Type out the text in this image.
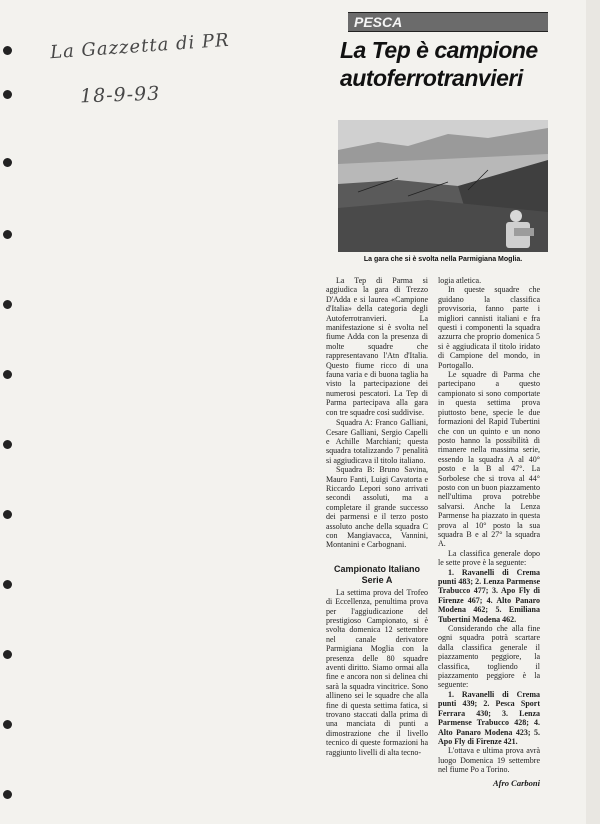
La Gazzetta di PR
18-9-93
PESCA
La Tep è campione
autoferrotranvieri
La gara che si è svolta nella Parmigiana Moglia.

La Tep di Parma si aggiudica la gara di Trezzo D'Adda e si laurea «Campione d'Italia» della categoria degli Autoferrotranvieri. La manifestazione si è svolta nel fiume Adda con la presenza di molte squadre che rappresentavano l'Atn d'Italia. Questo fiume ricco di una fauna varia e di buona taglia ha visto la partecipazione dei numerosi pescatori. La Tep di Parma partecipava alla gara con tre squadre così suddivise.

Squadra A: Franco Galliani, Cesare Galliani, Sergio Capelli e Achille Marchiani; questa squadra totalizzando 7 penalità si aggiudicava il titolo italiano.

Squadra B: Bruno Savina, Mauro Fanti, Luigi Cavatorta e Riccardo Lepori sono arrivati secondi assoluti, ma a completare il grande successo dei parmensi e il terzo posto assoluto anche della squadra C con Mangiavacca, Vannini, Montanini e Carbognani.

Campionato Italiano
Serie A

La settima prova del Trofeo di Eccellenza, penultima prova per l'aggiudicazione del prestigioso Campionato, si è svolta domenica 12 settembre nel canale derivatore Parmigiana Moglia con la presenza delle 80 squadre aventi diritto. Siamo ormai alla fine e ancora non si delinea chi sarà la squadra vincitrice. Sono allineno sei le squadre che alla fine di questa settima fatica, si trovano staccati dalla prima di una manciata di punti a dimostrazione che il livello tecnico di queste formazioni ha raggiunto livelli di alta tecno-

logia atletica.

In queste squadre che guidano la classifica provvisoria, fanno parte i migliori cannisti italiani e fra questi i componenti la squadra azzurra che proprio domenica 5 si è aggiudicata il titolo iridato di Campione del mondo, in Portogallo.

Le squadre di Parma che partecipano a questo campionato si sono comportate in questa settima prova piuttosto bene, specie le due formazioni del Rapid Tubertini che con un quinto e un nono posto hanno la possibilità di rimanere nella massima serie, essendo la squadra A al 40° posto e la B al 47°. La Sorbolese che si trova al 44° posto con un buon piazzamento nell'ultima prova potrebbe salvarsi. Anche la Lenza Parmense ha piazzato in questa prova al 10° posto la sua squadra B e al 27° la squadra A.

La classifica generale dopo le sette prove è la seguente:

1. Ravanelli di Crema punti 483; 2. Lenza Parmense Trabucco 477; 3. Apo Fly di Firenze 467; 4. Alto Panaro Modena 462; 5. Emiliana Tubertini Modena 462.

Considerando che alla fine ogni squadra potrà scartare dalla classifica generale il piazzamento peggiore, la classifica, togliendo il piazzamento peggiore è la seguente:

1. Ravanelli di Crema punti 439; 2. Pesca Sport Ferrara 430; 3. Lenza Parmense Trabucco 428; 4. Alto Panaro Modena 423; 5. Apo Fly di Firenze 421.

L'ottava e ultima prova avrà luogo Domenica 19 settembre nel fiume Po a Torino.

Afro Carboni
